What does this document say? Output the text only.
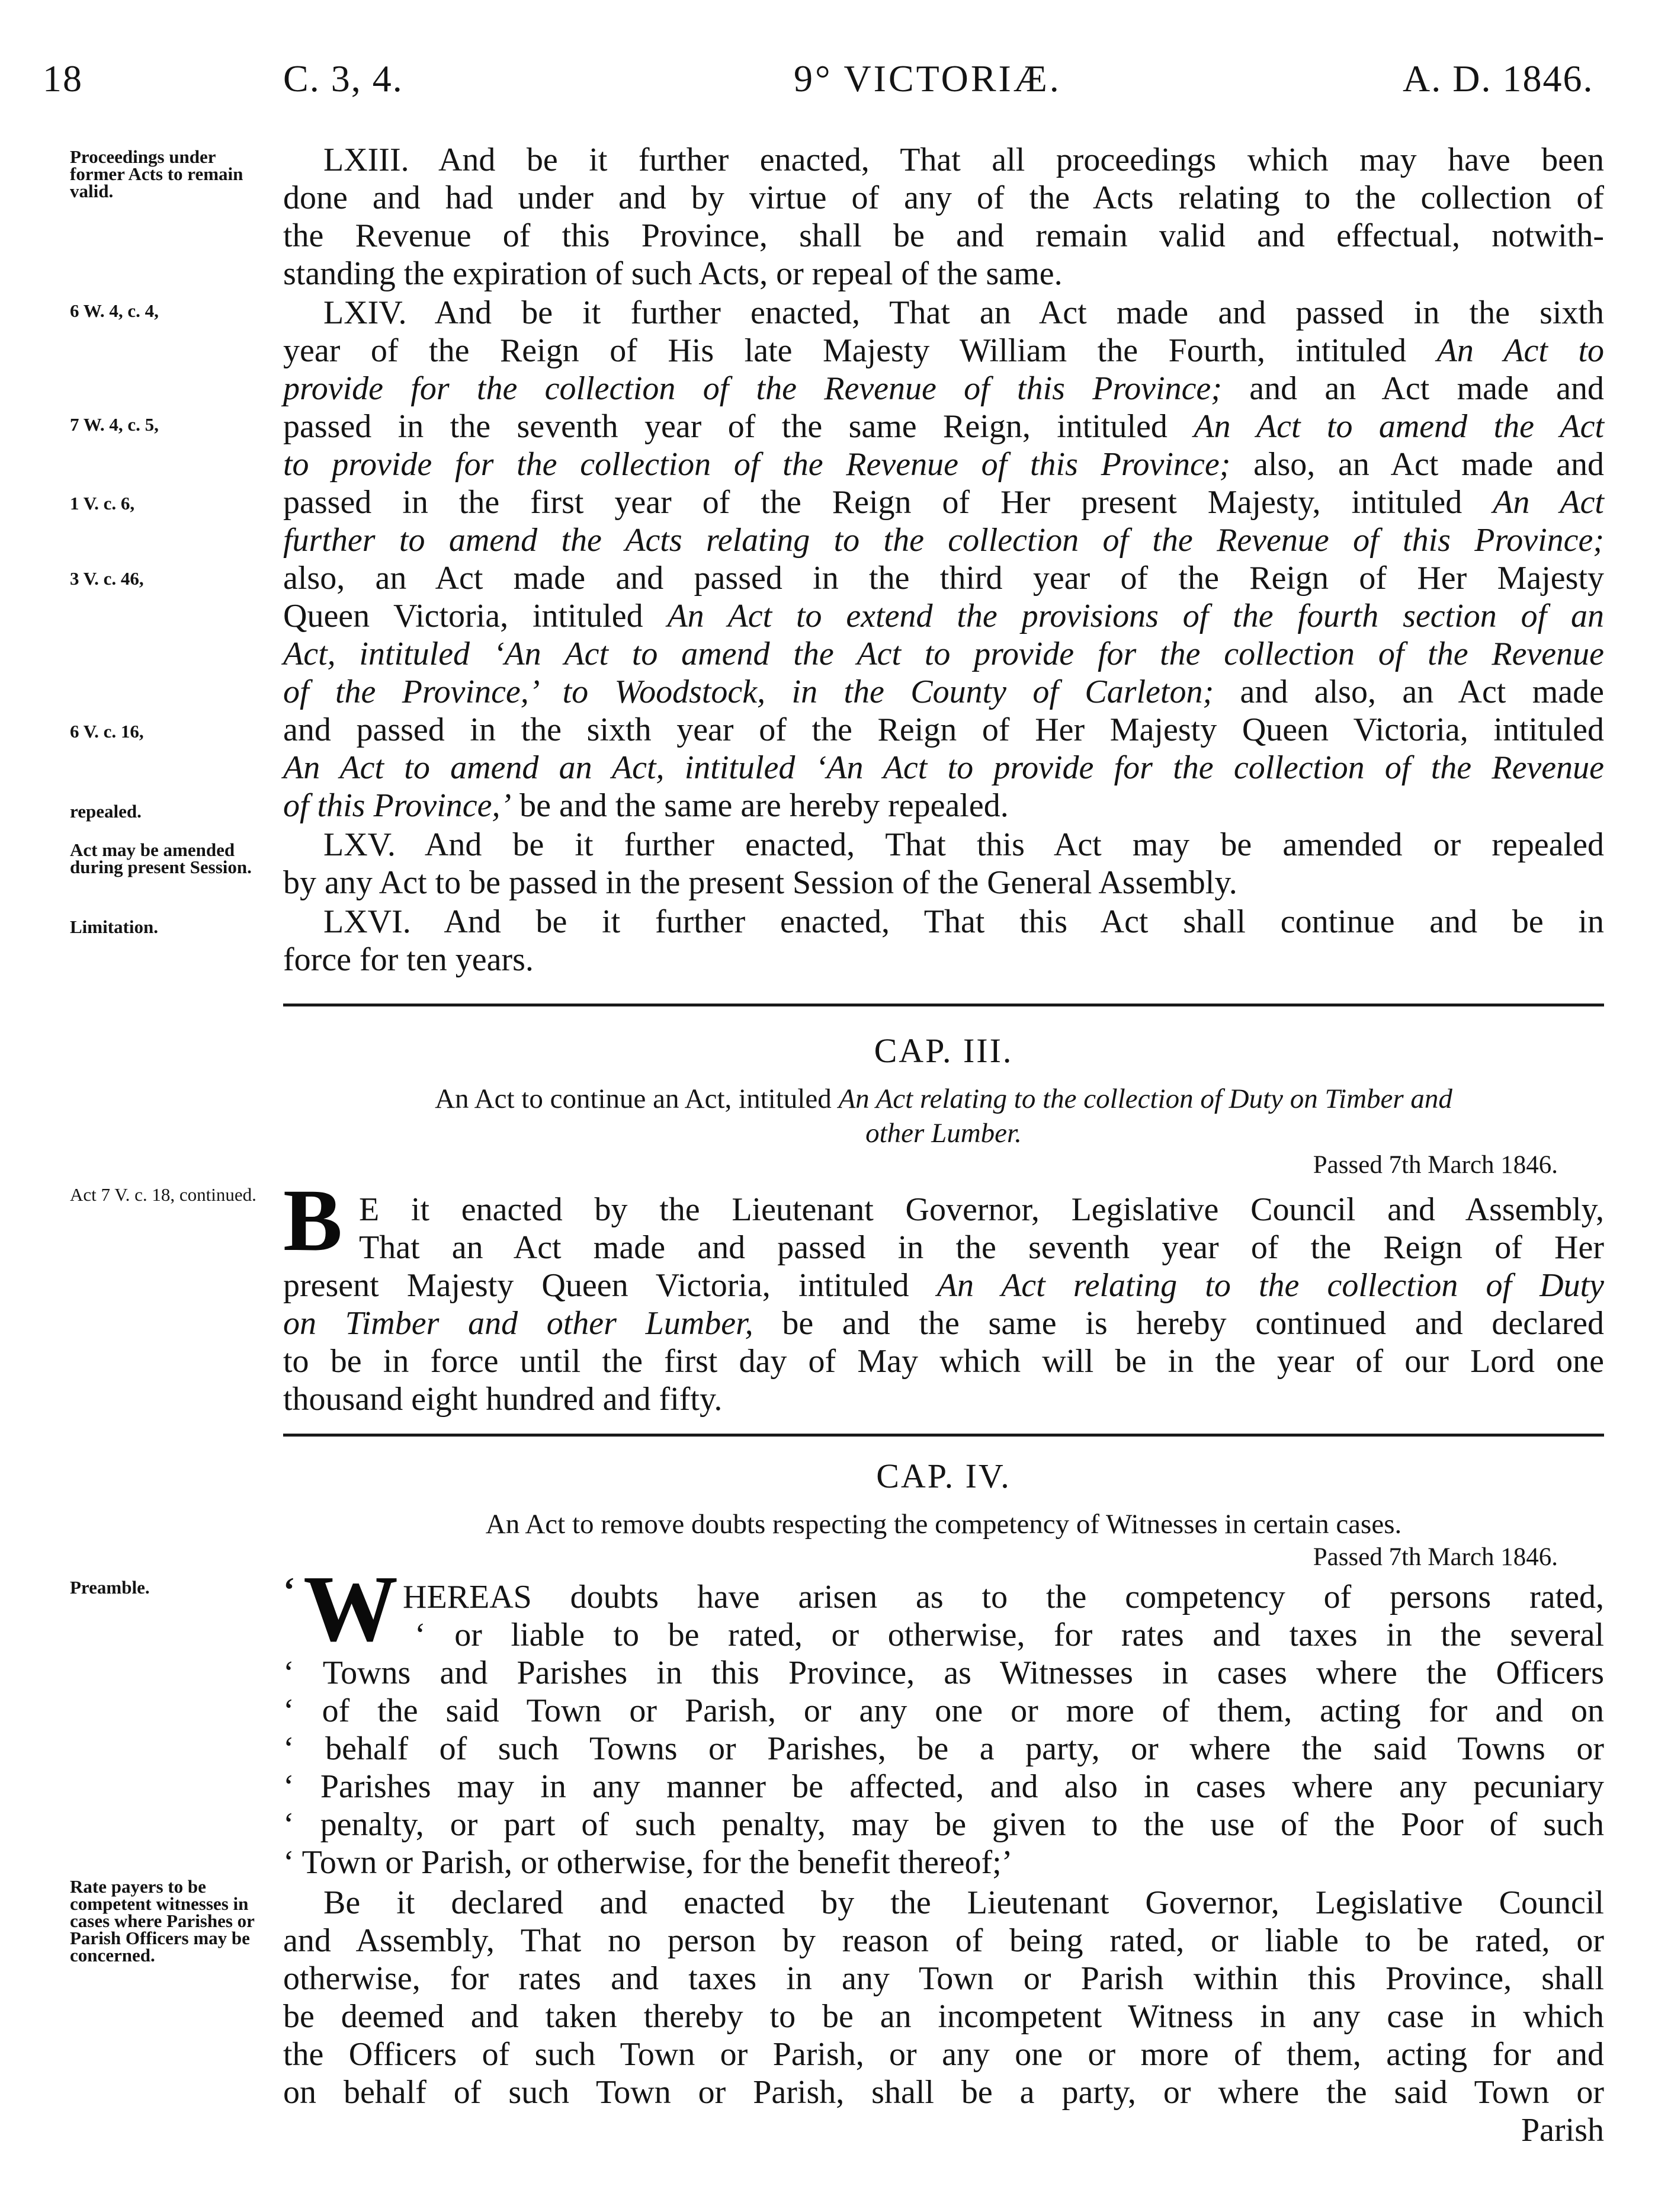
18	C. 3, 4.	9° VICTORIÆ.	A. D. 1846.
Proceedings under former Acts to remain valid.
6 W. 4, c. 4,
7 W. 4, c. 5,
1 V. c. 6,
3 V. c. 46,
6 V. c. 16,
repealed.
Act may be amended during present Session.
Limitation.
Act 7 V. c. 18, continued.
Preamble.
Rate payers to be competent witnesses in cases where Parishes or Parish Officers may be concerned.
LXIII. And be it further enacted, That all proceedings which may have been
done and had under and by virtue of any of the Acts relating to the collection of
the Revenue of this Province, shall be and remain valid and effectual, notwith-
standing the expiration of such Acts, or repeal of the same.
LXIV. And be it further enacted, That an Act made and passed in the sixth
year of the Reign of His late Majesty William the Fourth, intituled An Act to
provide for the collection of the Revenue of this Province; and an Act made and
passed in the seventh year of the same Reign, intituled An Act to amend the Act
to provide for the collection of the Revenue of this Province; also, an Act made and
passed in the first year of the Reign of Her present Majesty, intituled An Act
further to amend the Acts relating to the collection of the Revenue of this Province;
also, an Act made and passed in the third year of the Reign of Her Majesty
Queen Victoria, intituled An Act to extend the provisions of the fourth section of an
Act, intituled ‘An Act to amend the Act to provide for the collection of the Revenue
of the Province,’ to Woodstock, in the County of Carleton; and also, an Act made
and passed in the sixth year of the Reign of Her Majesty Queen Victoria, intituled
An Act to amend an Act, intituled ‘An Act to provide for the collection of the Revenue
of this Province,’ be and the same are hereby repealed.
LXV. And be it further enacted, That this Act may be amended or repealed
by any Act to be passed in the present Session of the General Assembly.
LXVI. And be it further enacted, That this Act shall continue and be in
force for ten years.
CAP. III.
An Act to continue an Act, intituled An Act relating to the collection of Duty on Timber and
other Lumber.
Passed 7th March 1846.
B E it enacted by the Lieutenant Governor, Legislative Council and Assembly,
That an Act made and passed in the seventh year of the Reign of Her
present Majesty Queen Victoria, intituled An Act relating to the collection of Duty
on Timber and other Lumber, be and the same is hereby continued and declared
to be in force until the first day of May which will be in the year of our Lord one
thousand eight hundred and fifty.
CAP. IV.
An Act to remove doubts respecting the competency of Witnesses in certain cases.
Passed 7th March 1846.
‘ W HEREAS doubts have arisen as to the competency of persons rated,
‘ or liable to be rated, or otherwise, for rates and taxes in the several
‘ Towns and Parishes in this Province, as Witnesses in cases where the Officers
‘ of the said Town or Parish, or any one or more of them, acting for and on
‘ behalf of such Towns or Parishes, be a party, or where the said Towns or
‘ Parishes may in any manner be affected, and also in cases where any pecuniary
‘ penalty, or part of such penalty, may be given to the use of the Poor of such
‘ Town or Parish, or otherwise, for the benefit thereof;’
Be it declared and enacted by the Lieutenant Governor, Legislative Council
and Assembly, That no person by reason of being rated, or liable to be rated, or
otherwise, for rates and taxes in any Town or Parish within this Province, shall
be deemed and taken thereby to be an incompetent Witness in any case in which
the Officers of such Town or Parish, or any one or more of them, acting for and
on behalf of such Town or Parish, shall be a party, or where the said Town or
Parish
